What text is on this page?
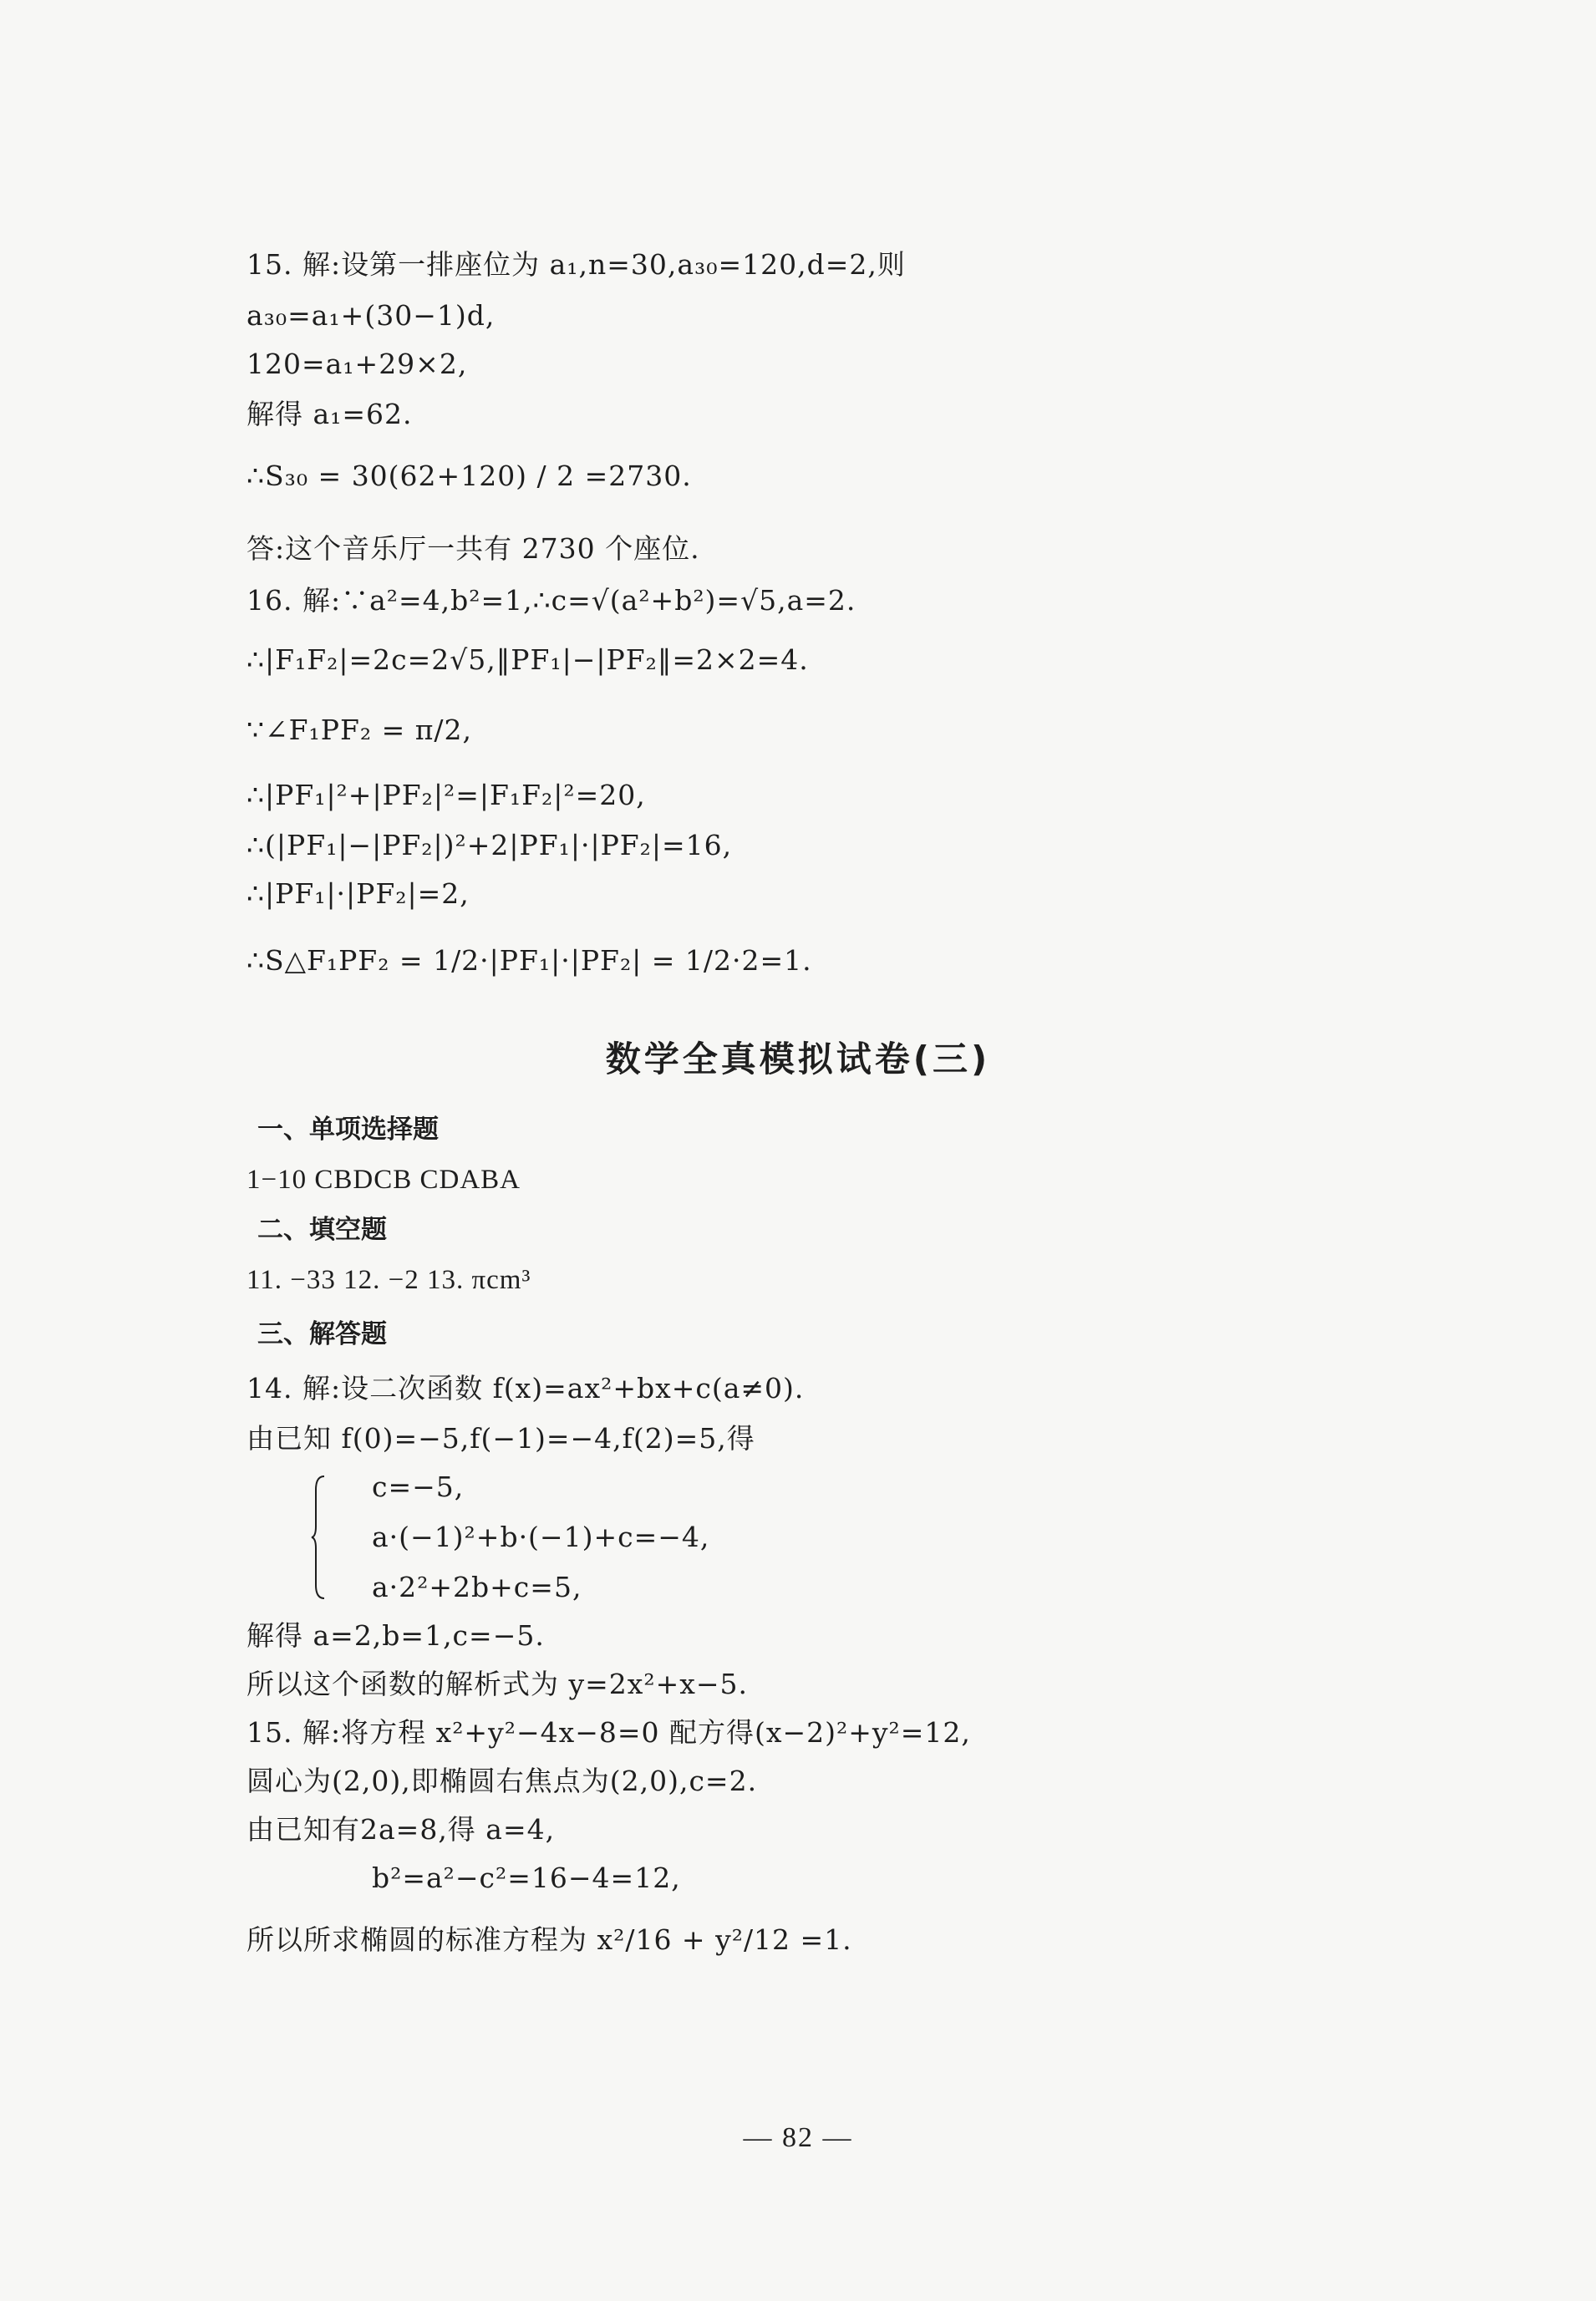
15. 解:设第一排座位为 a₁,n=30,a₃₀=120,d=2,则
a₃₀=a₁+(30−1)d,
120=a₁+29×2,
解得 a₁=62.
∴S₃₀ = 30(62+120) / 2 =2730.
答:这个音乐厅一共有 2730 个座位.
16. 解:∵a²=4,b²=1,∴c=√(a²+b²)=√5,a=2.
∴|F₁F₂|=2c=2√5,‖PF₁|−|PF₂‖=2×2=4.
∵∠F₁PF₂ = π/2,
∴|PF₁|²+|PF₂|²=|F₁F₂|²=20,
∴(|PF₁|−|PF₂|)²+2|PF₁|·|PF₂|=16,
∴|PF₁|·|PF₂|=2,
∴S△F₁PF₂ = 1/2·|PF₁|·|PF₂| = 1/2·2=1.
数学全真模拟试卷(三)
一、单项选择题
1−10 CBDCB CDABA
二、填空题
11. −33 12. −2 13. πcm³
三、解答题
14. 解:设二次函数 f(x)=ax²+bx+c(a≠0).
由已知 f(0)=−5,f(−1)=−4,f(2)=5,得
c=−5,
a·(−1)²+b·(−1)+c=−4,
a·2²+2b+c=5,
解得 a=2,b=1,c=−5.
所以这个函数的解析式为 y=2x²+x−5.
15. 解:将方程 x²+y²−4x−8=0 配方得(x−2)²+y²=12,
圆心为(2,0),即椭圆右焦点为(2,0),c=2.
由已知有2a=8,得 a=4,
b²=a²−c²=16−4=12,
所以所求椭圆的标准方程为 x²/16 + y²/12 =1.
— 82 —
